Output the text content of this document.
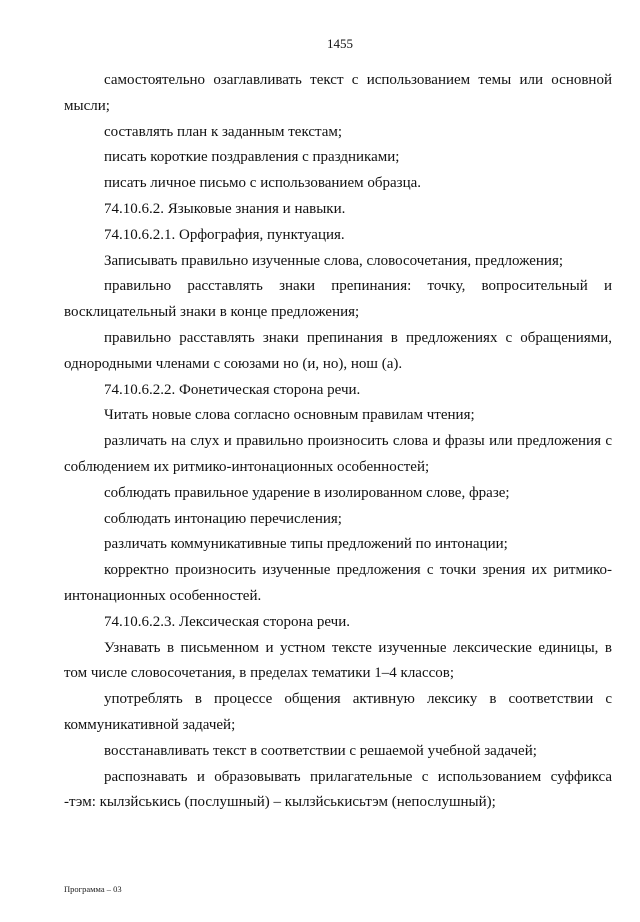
1455

самостоятельно озаглавливать текст с использованием темы или основной мысли;

составлять план к заданным текстам;

писать короткие поздравления с праздниками;

писать личное письмо с использованием образца.

74.10.6.2. Языковые знания и навыки.

74.10.6.2.1. Орфография, пунктуация.

Записывать правильно изученные слова, словосочетания, предложения;

правильно расставлять знаки препинания: точку, вопросительный и восклицательный знаки в конце предложения;

правильно расставлять знаки препинания в предложениях с обращениями, однородными членами с союзами но (и, но), нош (а).

74.10.6.2.2. Фонетическая сторона речи.

Читать новые слова согласно основным правилам чтения;

различать на слух и правильно произносить слова и фразы или предложения с соблюдением их ритмико-интонационных особенностей;

соблюдать правильное ударение в изолированном слове, фразе;

соблюдать интонацию перечисления;

различать коммуникативные типы предложений по интонации;

корректно произносить изученные предложения с точки зрения их ритмико-интонационных особенностей.

74.10.6.2.3. Лексическая сторона речи.

Узнавать в письменном и устном тексте изученные лексические единицы, в том числе словосочетания, в пределах тематики 1–4 классов;

употреблять в процессе общения активную лексику в соответствии с коммуникативной задачей;

восстанавливать текст в соответствии с решаемой учебной задачей;

распознавать и образовывать прилагательные с использованием суффикса -тэм: кылзйськись (послушный) – кылзйськисьтэм (непослушный);

Программа – 03
